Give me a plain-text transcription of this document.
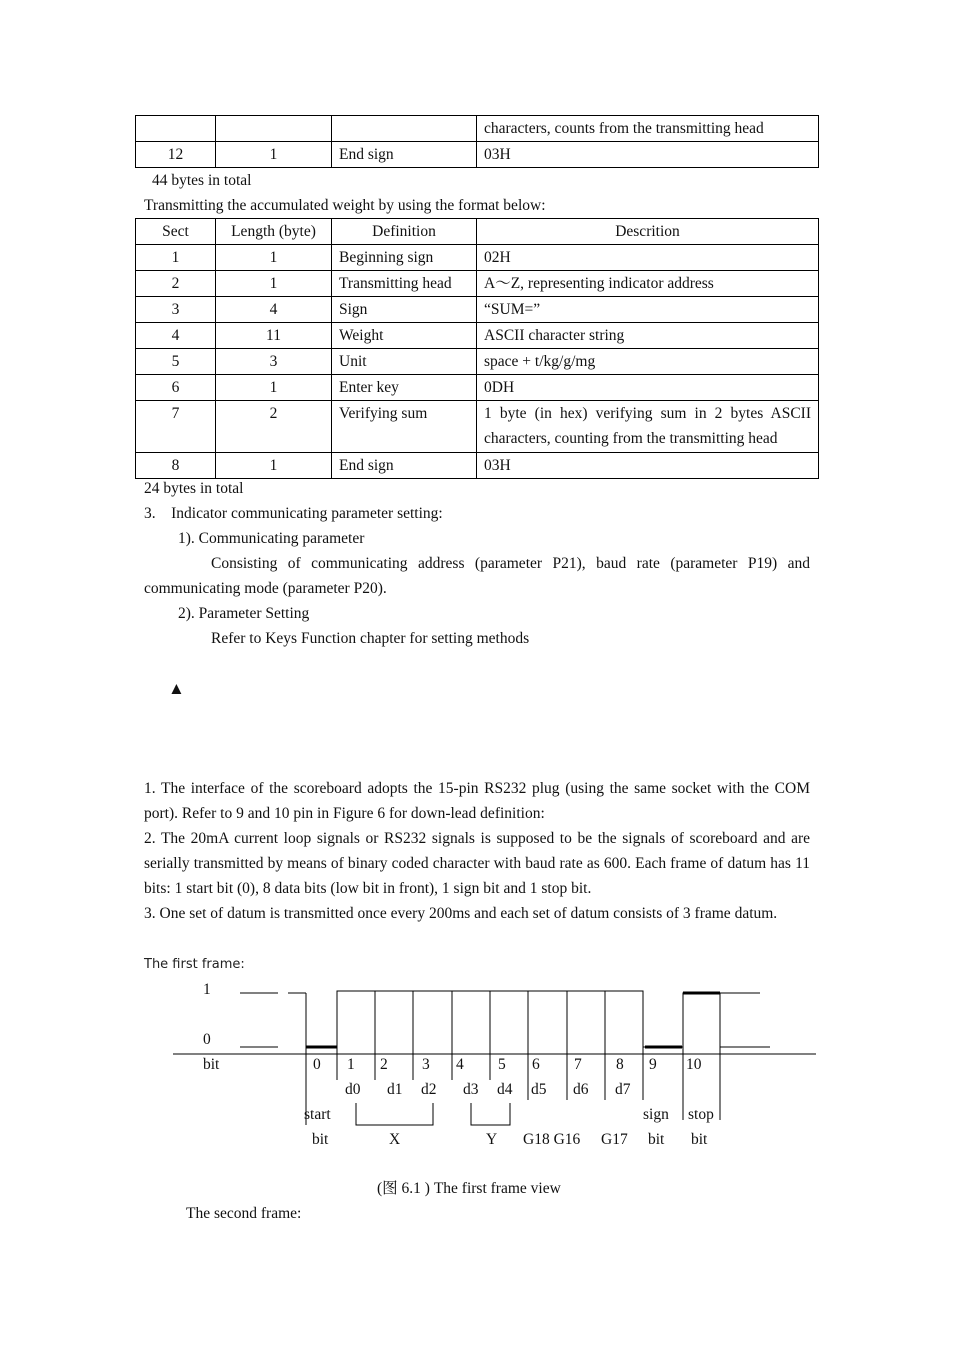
			characters, counts from the transmitting head
12	1	End sign	03H
44 bytes in total
Transmitting the accumulated weight by using the format below:
Sect	Length (byte)	Definition	Descrition
1	1	Beginning sign	02H
2	1	Transmitting head	A～Z, representing indicator address
3	4	Sign	“SUM=”
4	11	Weight	ASCII character string
5	3	Unit	space + t/kg/g/mg
6	1	Enter key	0DH
7	2	Verifying sum	1 byte (in hex) verifying sum in 2 bytes ASCII
characters, counting from the transmitting head

8	1	End sign	03H
24 bytes in total
3.　Indicator communicating parameter setting:
1). Communicating parameter
Consisting of communicating address (parameter P21), baud rate (parameter P19) and communicating mode (parameter P20).
2). Parameter Setting
Refer to Keys Function chapter for setting methods
▲
1. The interface of the scoreboard adopts the 15-pin RS232 plug (using the same socket with the COM port). Refer to 9 and 10 pin in Figure 6 for down-lead definition:
2. The 20mA current loop signals or RS232 signals is supposed to be the signals of scoreboard and are serially transmitted by means of binary coded character with baud rate as 600. Each frame of datum has 11 bits: 1 start bit (0), 8 data bits (low bit in front), 1 sign bit and 1 stop bit.
3. One set of datum is transmitted once every 200ms and each set of datum consists of 3 frame datum.
The first frame:
1
0
bit	0 1 2 3 4 5 6 7 8 9 10
d0 d1 d2 d3 d4 d5 d6 d7
start
bit	X	Y G18 G16 G17
sign
bit
stop
bit
(图 6.1 ) The first frame view
The second frame:
